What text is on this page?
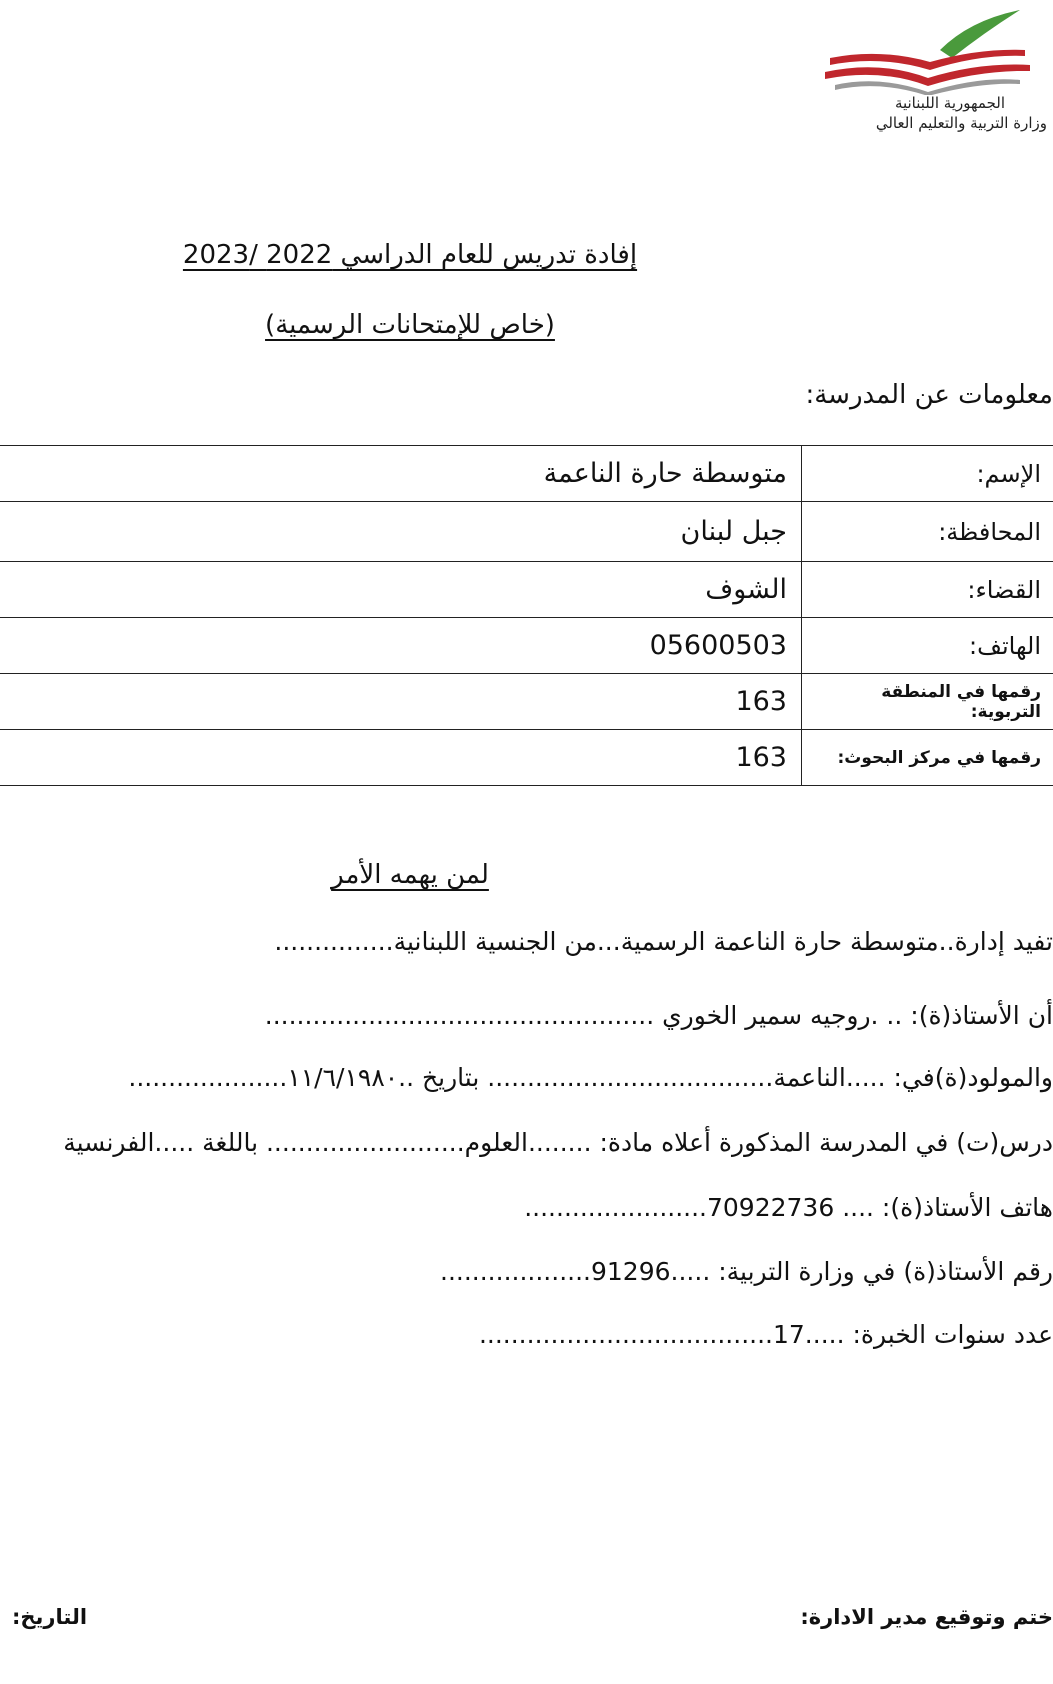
الجمهورية اللبنانية
وزارة التربية والتعليم العالي
إفادة تدريس للعام الدراسي 2022 /2023
(خاص للإمتحانات الرسمية)
معلومات عن المدرسة:
متوسطة حارة الناعمة	الإسم:
جبل لبنان	المحافظة:
الشوف	القضاء:
05600503	الهاتف:
163	رقمها في المنطقة التربوية:
163	رقمها في مركز البحوث:
لمن يهمه الأمر
تفيد إدارة..متوسطة حارة الناعمة الرسمية...من الجنسية اللبنانية...............
أن الأستاذ(ة): .. .روجيه سمير الخوري .................................................
والمولود(ة)في: .....الناعمة.................................... بتاريخ ..١١/٦/١٩٨٠....................
درس(ت) في المدرسة المذكورة أعلاه مادة: ........العلوم......................... باللغة .....الفرنسية
هاتف الأستاذ(ة): .... 70922736.......................
رقم الأستاذ(ة) في وزارة التربية: .....91296...................
عدد سنوات الخبرة: .....17.....................................
ختم وتوقيع مدير الادارة:
التاريخ:
